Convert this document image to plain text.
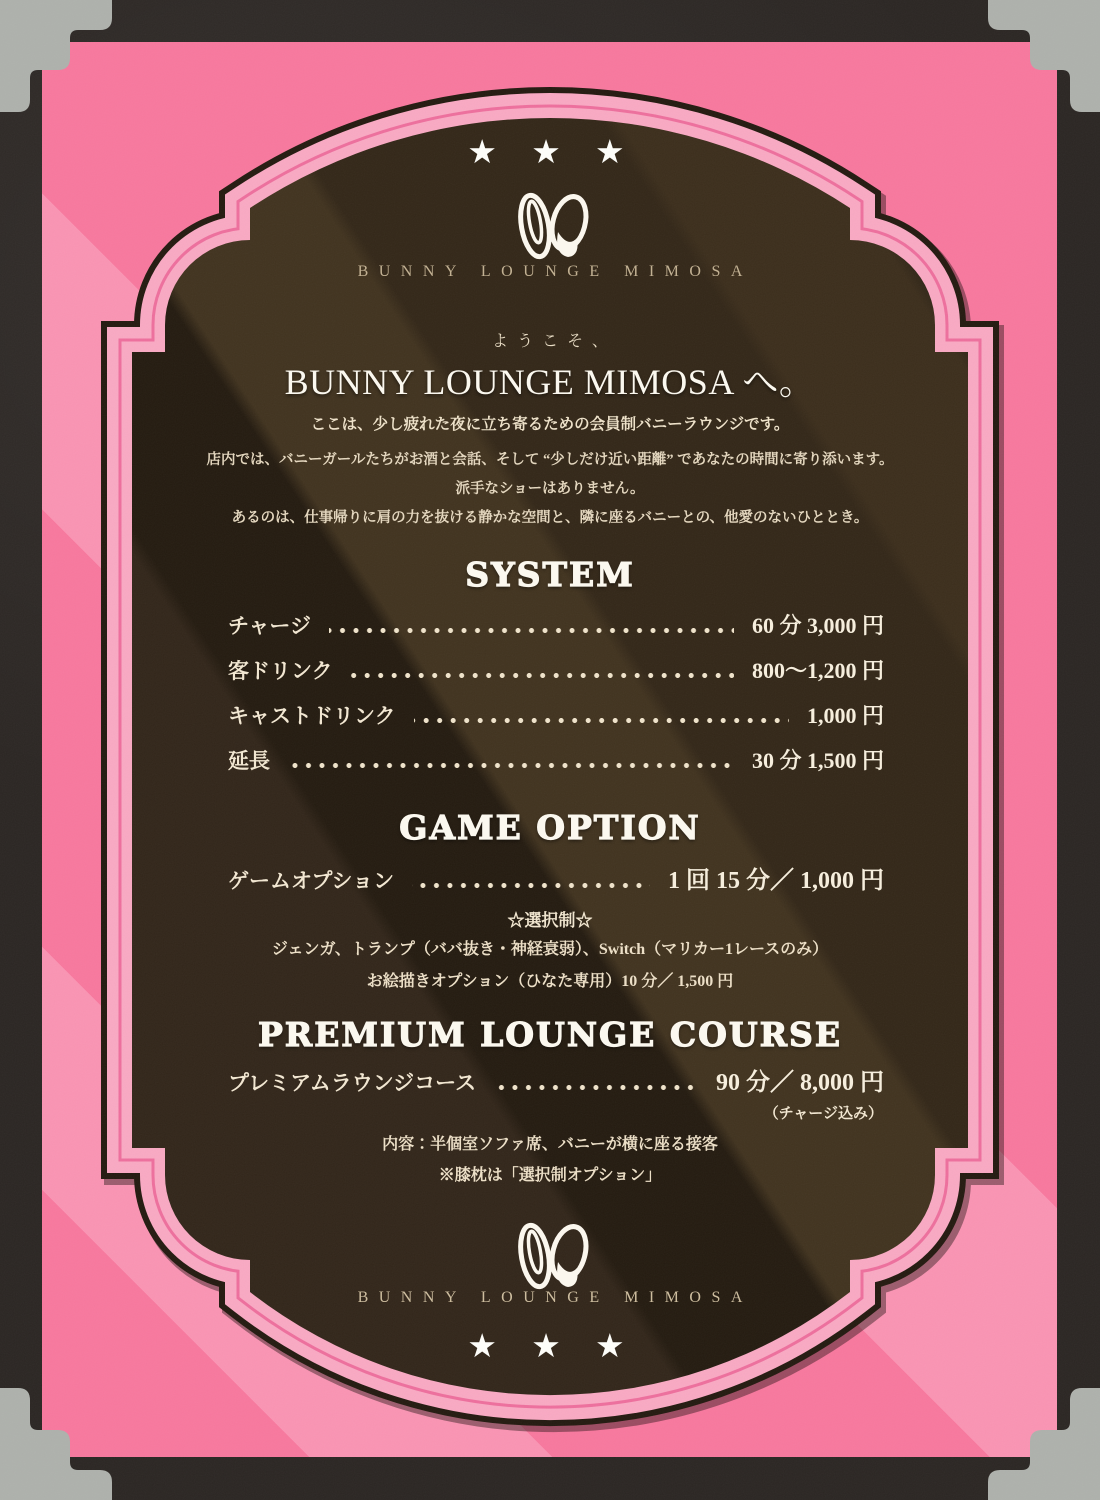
★ ★ ★
BUNNY LOUNGE MIMOSA
ようこそ、
BUNNY LOUNGE MIMOSA へ。
ここは、少し疲れた夜に立ち寄るための会員制バニーラウンジです。
店内では、バニーガールたちがお酒と会話、そして “少しだけ近い距離” であなたの時間に寄り添います。
派手なショーはありません。
あるのは、仕事帰りに肩の力を抜ける静かな空間と、隣に座るバニーとの、他愛のないひととき。
SYSTEM
チャージ	60 分 3,000 円
客ドリンク	800〜1,200 円
キャストドリンク	1,000 円
延長	30 分 1,500 円
GAME OPTION
ゲームオプション	1 回 15 分／ 1,000 円
☆選択制☆
ジェンガ、トランプ（ババ抜き・神経衰弱）、Switch（マリカー1レースのみ）
お絵描きオプション（ひなた専用）10 分／ 1,500 円
PREMIUM LOUNGE COURSE
プレミアムラウンジコース	90 分／ 8,000 円
（チャージ込み）
内容：半個室ソファ席、バニーが横に座る接客
※膝枕は「選択制オプション」
BUNNY LOUNGE MIMOSA
★ ★ ★
